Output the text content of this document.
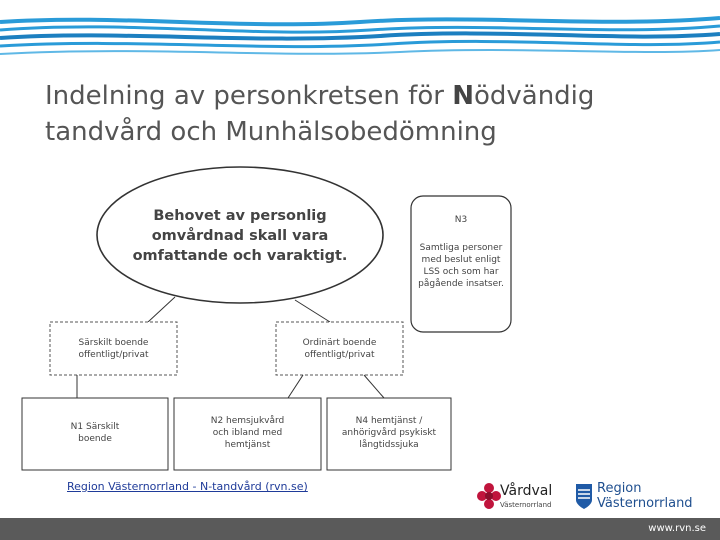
Indelning av personkretsen för Nödvändig
tandvård och Munhälsobedömning
Behovet av personlig
omvårdnad skall vara
omfattande och varaktigt.
N3
Samtliga personer
med beslut enligt
LSS och som har
pågående insatser.
Särskilt boende
offentligt/privat
Ordinärt boende
offentligt/privat
N1 Särskilt
boende
N2 hemsjukvård
och ibland med
hemtjänst
N4 hemtjänst /
anhörigvård psykiskt
långtidssjuka
Region Västernorrland - N-tandvård (rvn.se)	Vårdval
Västernorrland
Region
Västernorrland
www.rvn.se
